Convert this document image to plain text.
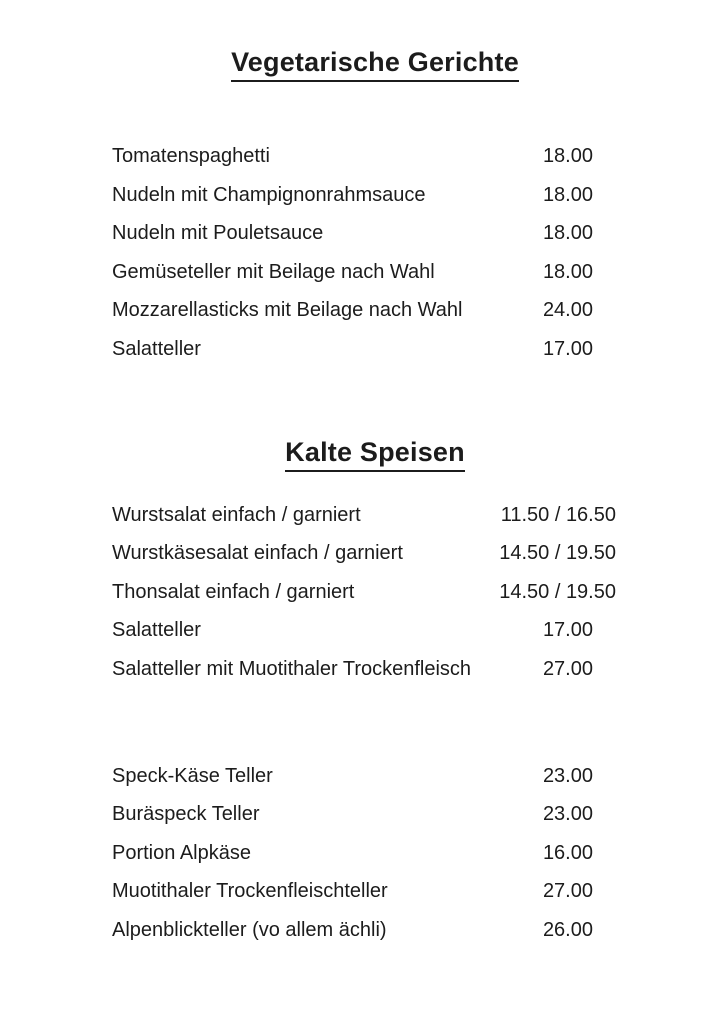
Vegetarische Gerichte
Tomatenspaghetti	18.00
Nudeln mit Champignonrahmsauce	18.00
Nudeln mit Pouletsauce	18.00
Gemüseteller mit Beilage nach Wahl	18.00
Mozzarellasticks mit Beilage nach Wahl	24.00
Salatteller	17.00
Kalte Speisen
Wurstsalat einfach / garniert	11.50 / 16.50
Wurstkäsesalat einfach / garniert	14.50 / 19.50
Thonsalat einfach / garniert	14.50 / 19.50
Salatteller	17.00
Salatteller mit Muotithaler Trockenfleisch	27.00
Speck-Käse Teller	23.00
Buräspeck Teller	23.00
Portion Alpkäse	16.00
Muotithaler Trockenfleischteller	27.00
Alpenblickteller (vo allem ächli)	26.00
